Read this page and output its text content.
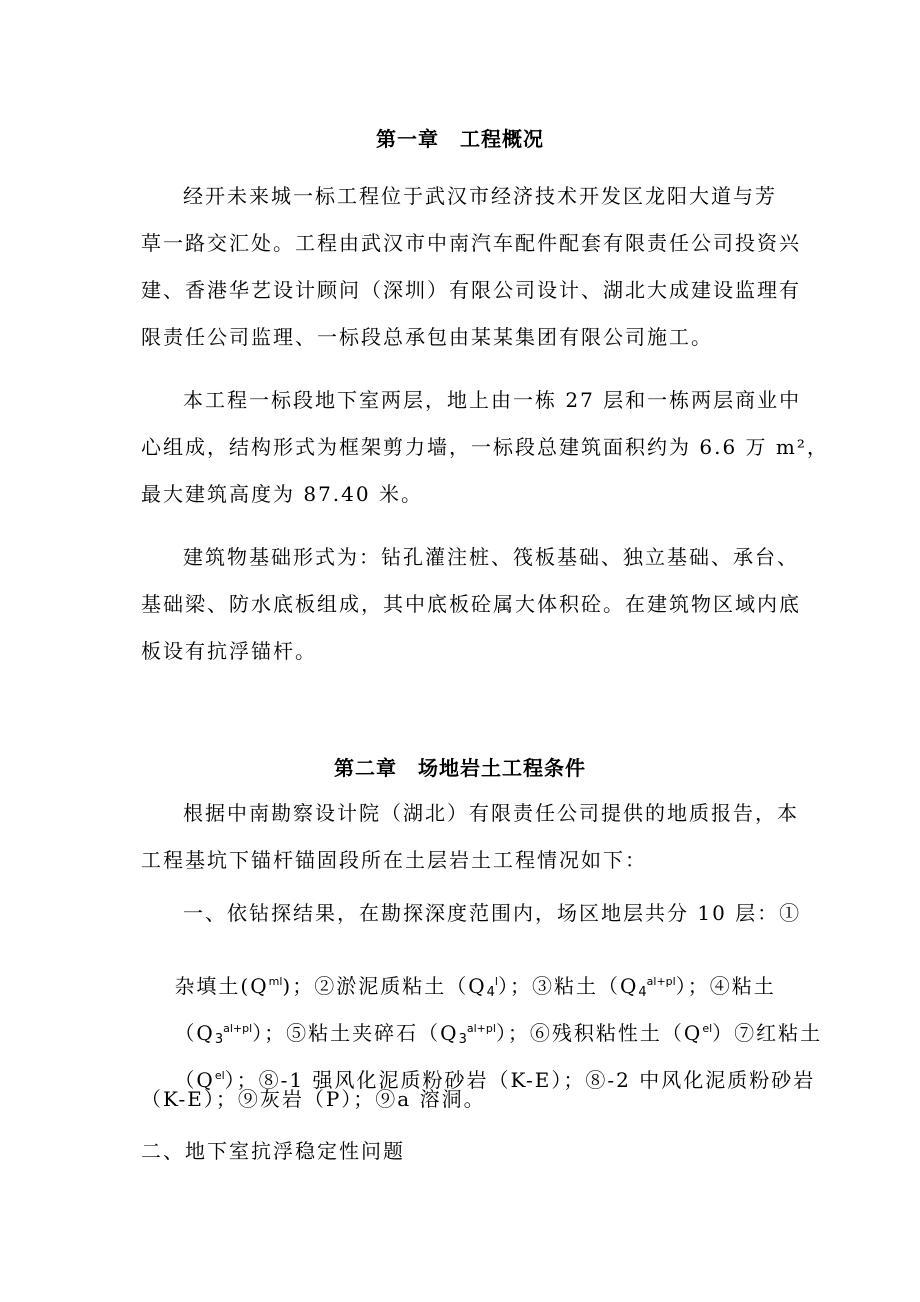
第一章　工程概况
经开未来城一标工程位于武汉市经济技术开发区龙阳大道与芳
草一路交汇处。工程由武汉市中南汽车配件配套有限责任公司投资兴
建、香港华艺设计顾问（深圳）有限公司设计、湖北大成建设监理有
限责任公司监理、一标段总承包由某某集团有限公司施工。
本工程一标段地下室两层，地上由一栋 27 层和一栋两层商业中
心组成，结构形式为框架剪力墙，一标段总建筑面积约为 6.6 万 m²，
最大建筑高度为 87.40 米。
建筑物基础形式为：钻孔灌注桩、筏板基础、独立基础、承台、
基础梁、防水底板组成，其中底板砼属大体积砼。在建筑物区域内底
板设有抗浮锚杆。
第二章　场地岩土工程条件
根据中南勘察设计院（湖北）有限责任公司提供的地质报告，本
工程基坑下锚杆锚固段所在土层岩土工程情况如下：
一、依钻探结果，在勘探深度范围内，场区地层共分 10 层：①

杂填土$(Q^{ml})$；②淤泥质粘土$(Q_4^l)$；③粘土$(Q_4^{al+pl})$；④粘土

$(Q_3^{al+pl})$；⑤粘土夹碎石$(Q_3^{al+pl})$；⑥残积粘性土$(Q^{el})⑦$红粘土

$(Q^{el})$；⑧-1 强风化泥质粉砂岩（K-E）；⑧-2 中风化泥质粉砂岩

（K-E）；⑨灰岩（P）；⑨a 溶洞。
二、地下室抗浮稳定性问题
